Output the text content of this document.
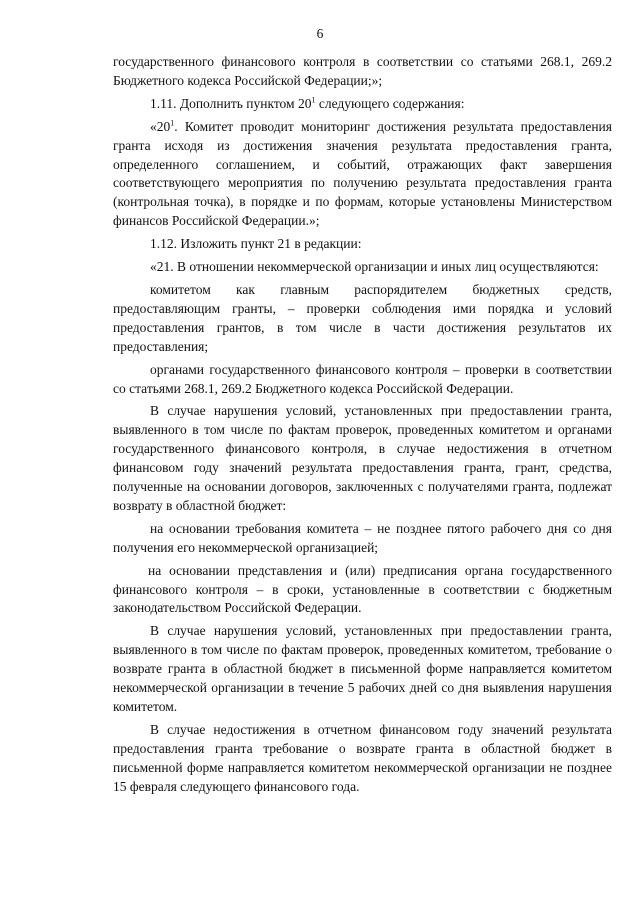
6

государственного финансового контроля в соответствии со статьями 268.1, 269.2 Бюджетного кодекса Российской Федерации;»;

1.11. Дополнить пунктом $20^1$ следующего содержания:

«$20^1$. Комитет проводит мониторинг достижения результата предоставления гранта исходя из достижения значения результата предоставления гранта, определенного соглашением, и событий, отражающих факт завершения соответствующего мероприятия по получению результата предоставления гранта (контрольная точка), в порядке и по формам, которые установлены Министерством финансов Российской Федерации.»;

1.12. Изложить пункт 21 в редакции:

«21. В отношении некоммерческой организации и иных лиц осуществляются:

комитетом как главным распорядителем бюджетных средств, предоставляющим гранты, – проверки соблюдения ими порядка и условий предоставления грантов, в том числе в части достижения результатов их предоставления;

органами государственного финансового контроля – проверки в соответствии со статьями 268.1, 269.2 Бюджетного кодекса Российской Федерации.

В случае нарушения условий, установленных при предоставлении гранта, выявленного в том числе по фактам проверок, проведенных комитетом и органами государственного финансового контроля, в случае недостижения в отчетном финансовом году значений результата предоставления гранта, грант, средства, полученные на основании договоров, заключенных с получателями гранта, подлежат возврату в областной бюджет:

на основании требования комитета – не позднее пятого рабочего дня со дня получения его некоммерческой организацией;

на основании представления и (или) предписания органа государственного финансового контроля – в сроки, установленные в соответствии с бюджетным законодательством Российской Федерации.

В случае нарушения условий, установленных при предоставлении гранта, выявленного в том числе по фактам проверок, проведенных комитетом, требование о возврате гранта в областной бюджет в письменной форме направляется комитетом некоммерческой организации в течение 5 рабочих дней со дня выявления нарушения комитетом.

В случае недостижения в отчетном финансовом году значений результата предоставления гранта требование о возврате гранта в областной бюджет в письменной форме направляется комитетом некоммерческой организации не позднее 15 февраля следующего финансового года.
